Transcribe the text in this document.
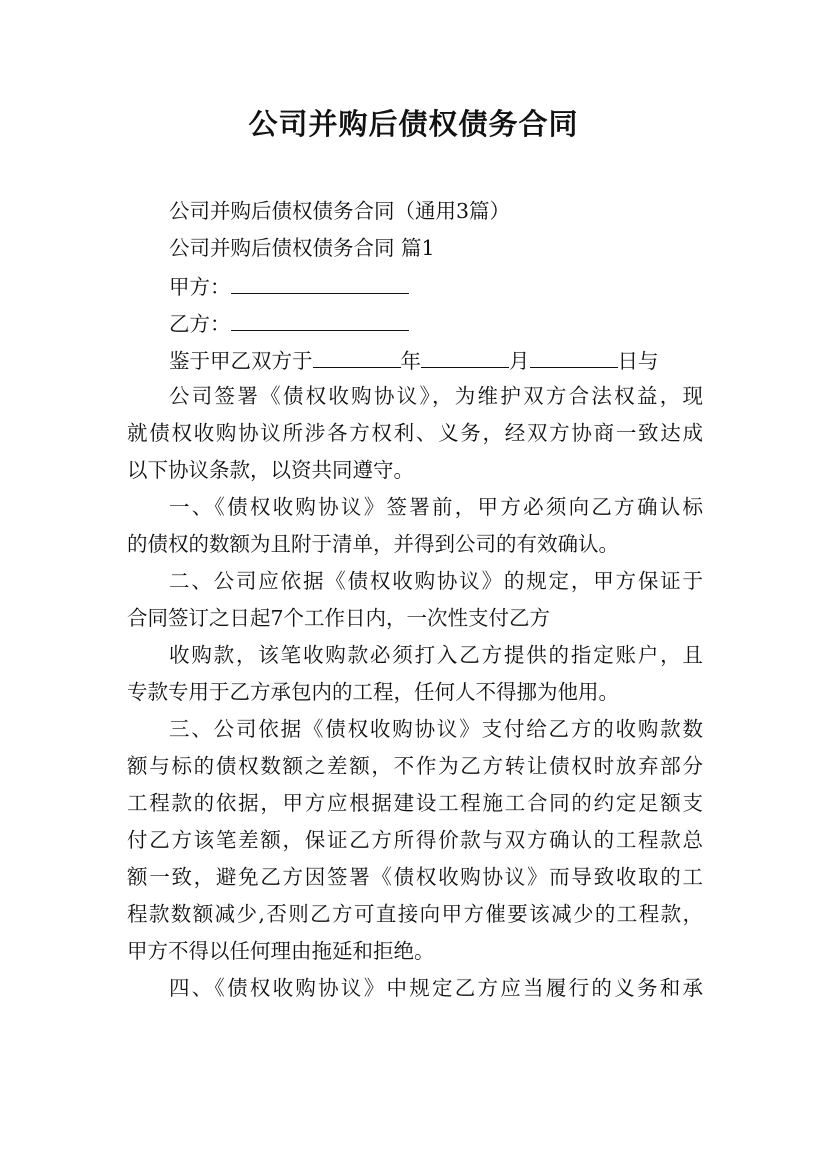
公司并购后债权债务合同
公司并购后债权债务合同（通用3篇）
公司并购后债权债务合同 篇1
甲方：
乙方：
鉴于甲乙双方于	年	月	日与
公司签署《债权收购协议》，为维护双方合法权益，现
就债权收购协议所涉各方权利、义务，经双方协商一致达成
以下协议条款，以资共同遵守。
一、《债权收购协议》签署前，甲方必须向乙方确认标
的债权的数额为且附于清单，并得到公司的有效确认。
二、公司应依据《债权收购协议》的规定，甲方保证于
合同签订之日起7个工作日内，一次性支付乙方
收购款，该笔收购款必须打入乙方提供的指定账户，且
专款专用于乙方承包内的工程，任何人不得挪为他用。
三、公司依据《债权收购协议》支付给乙方的收购款数
额与标的债权数额之差额，不作为乙方转让债权时放弃部分
工程款的依据，甲方应根据建设工程施工合同的约定足额支
付乙方该笔差额，保证乙方所得价款与双方确认的工程款总
额一致，避免乙方因签署《债权收购协议》而导致收取的工
程款数额减少,否则乙方可直接向甲方催要该减少的工程款，
甲方不得以任何理由拖延和拒绝。
四、《债权收购协议》中规定乙方应当履行的义务和承
